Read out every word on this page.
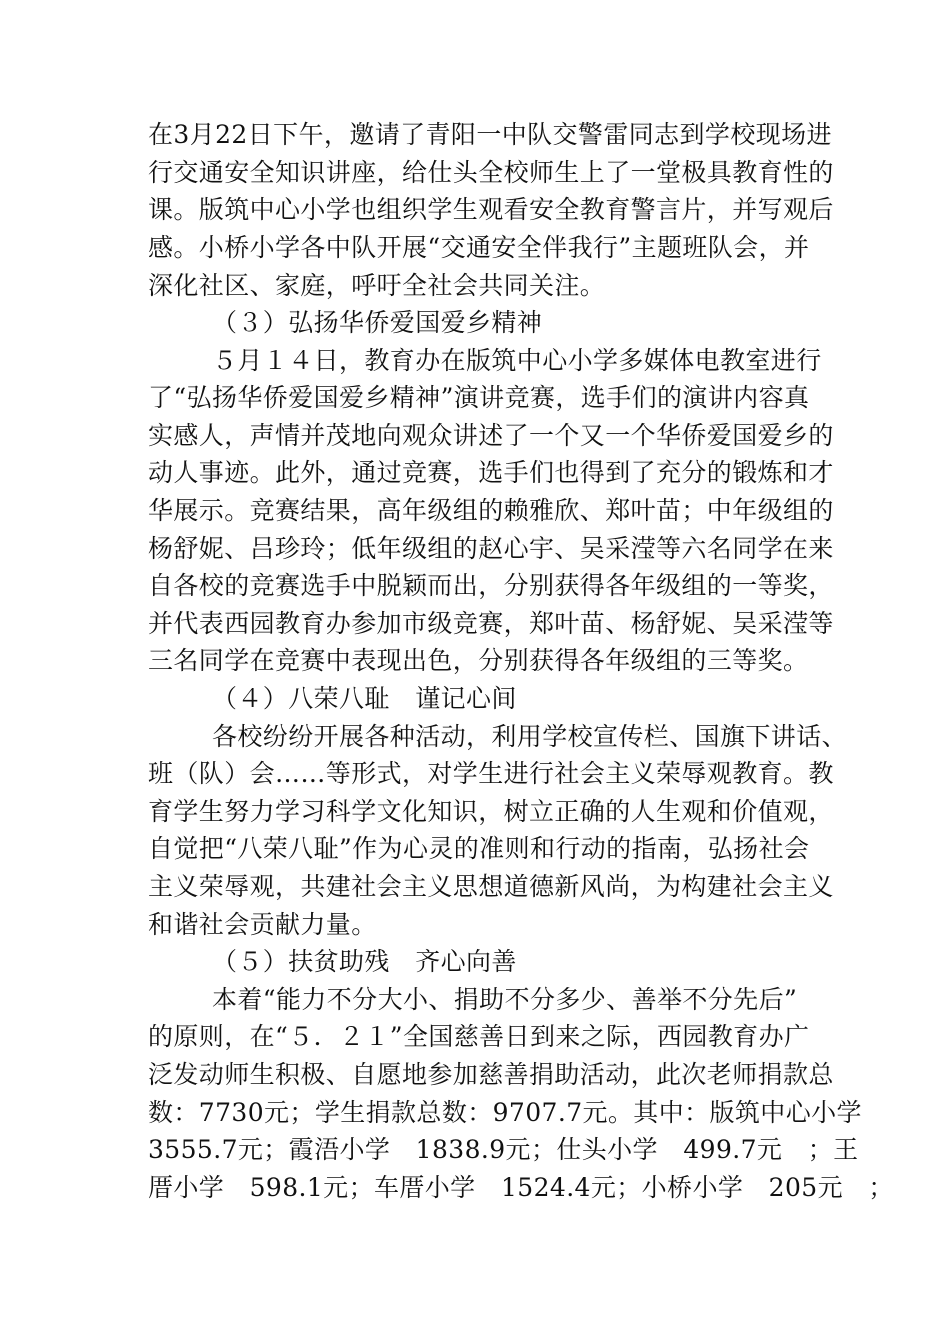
在3月22日下午，邀请了青阳一中队交警雷同志到学校现场进
行交通安全知识讲座，给仕头全校师生上了一堂极具教育性的
课。版筑中心小学也组织学生观看安全教育警言片，并写观后
感。小桥小学各中队开展“交通安全伴我行”主题班队会，并
深化社区、家庭，呼吁全社会共同关注。
（３）弘扬华侨爱国爱乡精神
５月１４日，教育办在版筑中心小学多媒体电教室进行
了“弘扬华侨爱国爱乡精神”演讲竞赛，选手们的演讲内容真
实感人，声情并茂地向观众讲述了一个又一个华侨爱国爱乡的
动人事迹。此外，通过竞赛，选手们也得到了充分的锻炼和才
华展示。竞赛结果，高年级组的赖雅欣、郑叶苗；中年级组的
杨舒妮、吕珍玲；低年级组的赵心宇、吴采滢等六名同学在来
自各校的竞赛选手中脱颖而出，分别获得各年级组的一等奖，
并代表西园教育办参加市级竞赛，郑叶苗、杨舒妮、吴采滢等
三名同学在竞赛中表现出色，分别获得各年级组的三等奖。
（４）八荣八耻　谨记心间
各校纷纷开展各种活动，利用学校宣传栏、国旗下讲话、
班（队）会……等形式，对学生进行社会主义荣辱观教育。教
育学生努力学习科学文化知识，树立正确的人生观和价值观，
自觉把“八荣八耻”作为心灵的准则和行动的指南，弘扬社会
主义荣辱观，共建社会主义思想道德新风尚，为构建社会主义
和谐社会贡献力量。
（５）扶贫助残　齐心向善
本着“能力不分大小、捐助不分多少、善举不分先后”
的原则，在“５．２１”全国慈善日到来之际，西园教育办广
泛发动师生积极、自愿地参加慈善捐助活动，此次老师捐款总
数：7730元；学生捐款总数：9707.7元。其中：版筑中心小学
3555.7元；霞浯小学　1838.9元；仕头小学　499.7元　；王
厝小学　598.1元；车厝小学　1524.4元；小桥小学　205元　；
